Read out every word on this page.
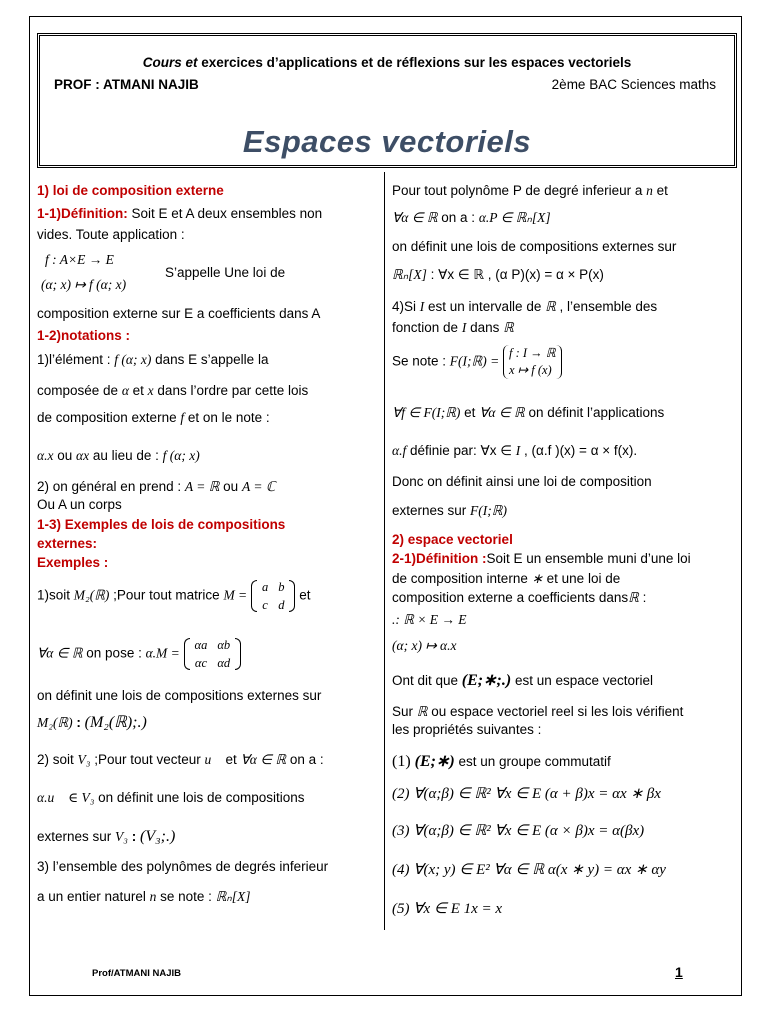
Cours et exercices d’applications et de réflexions sur les espaces vectoriels
PROF : ATMANI NAJIB	2ème BAC Sciences maths
Espaces vectoriels
1) loi de composition externe
1-1)Définition: Soit E et A deux ensembles non
vides. Toute application :
f : A×E → E
(α; x) ↦ f (α; x)
S’appelle Une loi de
composition externe sur E a coefficients dans A
1-2)notations :
1)l’élément : f (α; x) dans E s’appelle la
composée de α et x dans l’ordre par cette lois
de composition externe f et on le note :
α.x ou αx au lieu de : f (α; x)
2) on général en prend : A = ℝ ou A = ℂ
Ou A un corps
1-3) Exemples de lois de compositions
externes:
Exemples :
1)soit M₂(ℝ) ;Pour tout matrice M =
a	b
c	d
et
∀α ∈ ℝ on pose : α.M =
αa	αb
αc	αd
on définit une lois de compositions externes sur
M₂(ℝ) : (M₂(ℝ);.)
2) soit V₃ ;Pour tout vecteur u⃗ et ∀α ∈ ℝ on a :
α.u⃗ ∈ V₃ on définit une lois de compositions
externes sur V₃ : (V₃;.)
3) l’ensemble des polynômes de degrés inferieur
a un entier naturel n se note : ℝₙ[X]
Pour tout polynôme P de degré inferieur a n et
∀α ∈ ℝ on a : α.P ∈ ℝₙ[X]
on définit une lois de compositions externes sur
ℝₙ[X] : ∀x ∈ ℝ , (α P)(x) = α × P(x)
4)Si I est un intervalle de ℝ , l’ensemble des
fonction de I dans ℝ
Se note : F(I;ℝ) = f : I → ℝ
x ↦ f (x)
∀f ∈ F(I;ℝ) et ∀α ∈ ℝ on définit l’applications
α.f définie par: ∀x ∈ I , (α.f )(x) = α × f(x).
Donc on définit ainsi une loi de composition
externes sur F(I;ℝ)
2) espace vectoriel
2-1)Définition :Soit E un ensemble muni d’une loi
de composition interne ∗ et une loi de
composition externe a coefficients dansℝ :
.: ℝ × E → E
(α; x) ↦ α.x
Ont dit que (E;∗;.) est un espace vectoriel
Sur ℝ ou espace vectoriel reel si les lois vérifient
les propriétés suivantes :
(1) (E;∗) est un groupe commutatif
(2) ∀(α;β) ∈ ℝ² ∀x ∈ E (α + β)x = αx ∗ βx
(3) ∀(α;β) ∈ ℝ² ∀x ∈ E (α × β)x = α(βx)
(4) ∀(x; y) ∈ E² ∀α ∈ ℝ α(x ∗ y) = αx ∗ αy
(5) ∀x ∈ E 1x = x
Prof/ATMANI NAJIB	1
